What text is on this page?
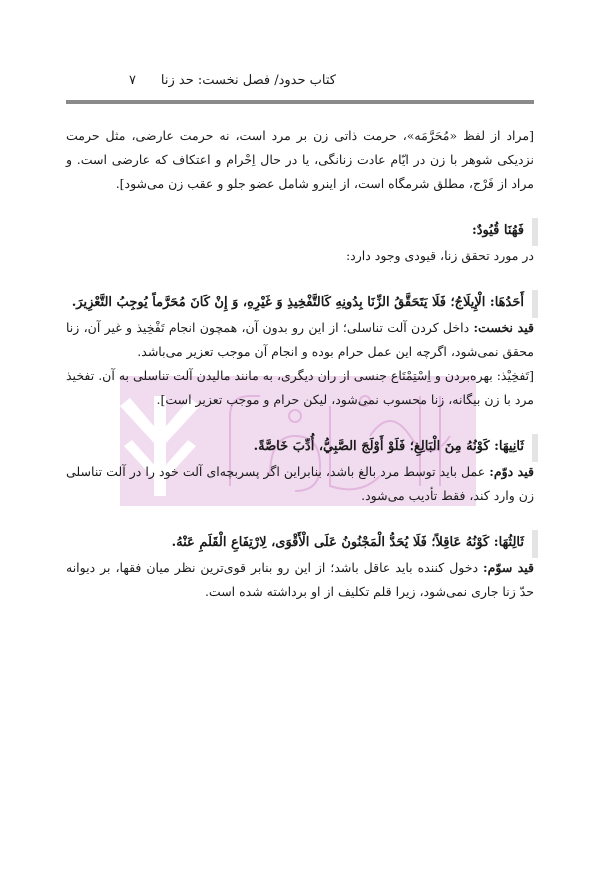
کتاب حدود/ فصل نخست: حد زنا
۷

[مراد از لفظ «مُحَرَّمَه»، حرمت ذاتی زن بر مرد است، نه حرمت عارضی، مثل حرمت نزدیکی شوهر با زن در ایّام عادت زنانگی، یا در حال اِحْرام و اعتکاف که عارضی است. و مراد از فَرْج، مطلق شرمگاه است، از اینرو شامل عضو جلو و عقب زن می‌شود].

فَهُنَا قُيُودٌ:

در مورد تحقق زنا، قیودی وجود دارد:

أَحَدُهَا: الْإِيلَاجُ؛ فَلَا يَتَحَقَّقُ الزِّنَا بِدُونِهِ كَالتَّفْخِيذِ وَ غَيْرِهِ، وَ إِنْ كَانَ مُحَرَّماً يُوجِبُ التَّعْزِيرَ.

قید نخست: داخل کردن آلت تناسلی؛ از این رو بدون آن، همچون انجام تَفْخِیذ و غیر آن، زنا محقق نمی‌شود، اگرچه این عمل حرام بوده و انجام آن موجب تعزیر می‌باشد.

[تَفخِیْذ: بهره‌بردن و اِسْتِمْتَاع جنسی از ران دیگری، به مانند مالیدن آلت تناسلی به آن. تفخیذ مرد با زن بیگانه، زنا محسوب نمی‌شود، لیکن حرام و موجب تعزیر است].

ثَانِيهَا: كَوْنُهُ مِنَ الْبَالِغِ؛ فَلَوْ أَوْلَجَ الصَّبِيُّ، أُدِّبَ خَاصَّةً.

قید دوّم: عمل باید توسط مرد بالغ باشد، بنابراین اگر پسربچه‌ای آلت خود را در آلت تناسلی زن وارد کند، فقط تأدیب می‌شود.

ثَالِثُهَا: كَوْنُهُ عَاقِلاً؛ فَلَا يُحَدُّ الْمَجْنُونُ عَلَى الْأَقْوَى، لِارْتِفَاعِ الْقَلَمِ عَنْهُ.

قید سوّم: دخول کننده باید عاقل باشد؛ از این رو بنابر قوی‌ترین نظر میان فقها، بر دیوانه حدّ زنا جاری نمی‌شود، زیرا قلم تکلیف از او برداشته شده است.
